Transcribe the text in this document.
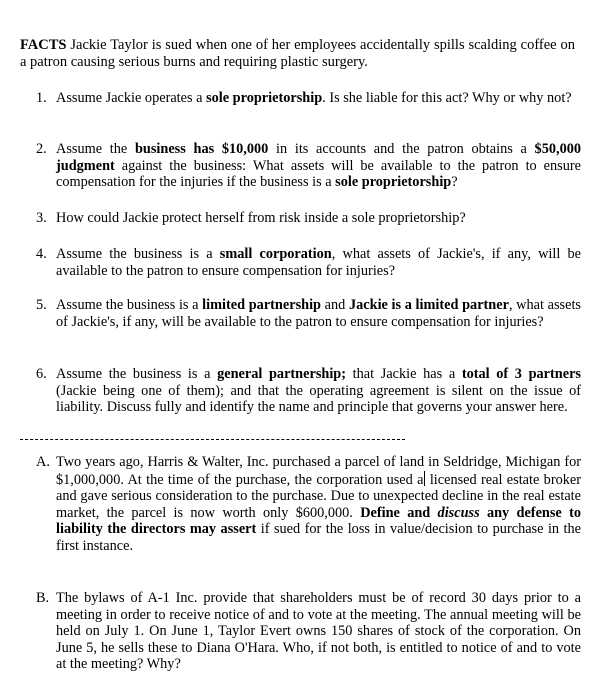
FACTS Jackie Taylor is sued when one of her employees accidentally spills scalding coffee on a patron causing serious burns and requiring plastic surgery.
1. Assume Jackie operates a sole proprietorship. Is she liable for this act? Why or why not?
2. Assume the business has $10,000 in its accounts and the patron obtains a $50,000 judgment against the business: What assets will be available to the patron to ensure compensation for the injuries if the business is a sole proprietorship?
3. How could Jackie protect herself from risk inside a sole proprietorship?
4. Assume the business is a small corporation, what assets of Jackie's, if any, will be available to the patron to ensure compensation for injuries?
5. Assume the business is a limited partnership and Jackie is a limited partner, what assets of Jackie's, if any, will be available to the patron to ensure compensation for injuries?
6. Assume the business is a general partnership; that Jackie has a total of 3 partners (Jackie being one of them); and that the operating agreement is silent on the issue of liability. Discuss fully and identify the name and principle that governs your answer here.
A. Two years ago, Harris & Walter, Inc. purchased a parcel of land in Seldridge, Michigan for $1,000,000. At the time of the purchase, the corporation used a licensed real estate broker and gave serious consideration to the purchase. Due to unexpected decline in the real estate market, the parcel is now worth only $600,000. Define and discuss any defense to liability the directors may assert if sued for the loss in value/decision to purchase in the first instance.
B. The bylaws of A-1 Inc. provide that shareholders must be of record 30 days prior to a meeting in order to receive notice of and to vote at the meeting. The annual meeting will be held on July 1. On June 1, Taylor Evert owns 150 shares of stock of the corporation. On June 5, he sells these to Diana O'Hara. Who, if not both, is entitled to notice of and to vote at the meeting? Why?
